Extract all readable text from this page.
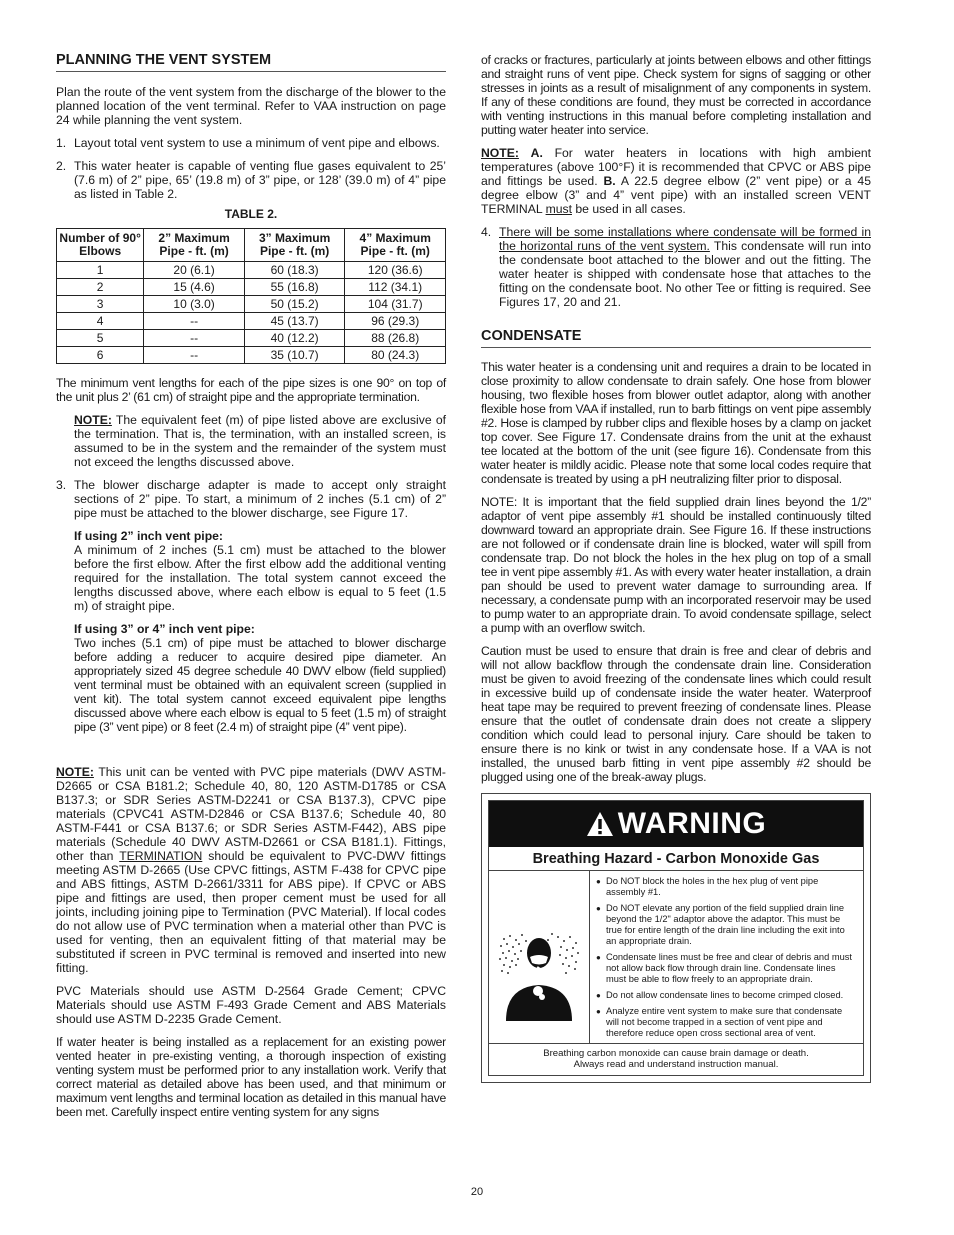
PLANNING THE VENT SYSTEM

Plan the route of the vent system from the discharge of the blower to the planned location of the vent terminal. Refer to VAA instruction on page 24 while planning the vent system.

1. Layout total vent system to use a minimum of vent pipe and elbows.
2. This water heater is capable of venting flue gases equivalent to 25’ (7.6 m) of 2” pipe, 65’ (19.8 m) of 3” pipe, or 128’ (39.0 m) of 4” pipe as listed in Table 2.
TABLE 2.
Number of 90° Elbows	2” Maximum Pipe - ft. (m)	3” Maximum Pipe - ft. (m)	4” Maximum Pipe - ft. (m)
1	20 (6.1)	60 (18.3)	120 (36.6)
2	15 (4.6)	55 (16.8)	112 (34.1)
3	10 (3.0)	50 (15.2)	104 (31.7)
4	--	45 (13.7)	96 (29.3)
5	--	40 (12.2)	88 (26.8)
6	--	35 (10.7)	80 (24.3)

The minimum vent lengths for each of the pipe sizes is one 90° on top of the unit plus 2’ (61 cm) of straight pipe and the appropriate termination.

NOTE: The equivalent feet (m) of pipe listed above are exclusive of the termination. That is, the termination, with an installed screen, is assumed to be in the system and the remainder of the system must not exceed the lengths discussed above.

3. The blower discharge adapter is made to accept only straight sections of 2” pipe. To start, a minimum of 2 inches (5.1 cm) of 2” pipe must be attached to the blower discharge, see Figure 17.

If using 2” inch vent pipe:

A minimum of 2 inches (5.1 cm) must be attached to the blower before the first elbow. After the first elbow add the additional venting required for the installation. The total system cannot exceed the lengths discussed above, where each elbow is equal to 5 feet (1.5 m) of straight pipe.

If using 3” or 4” inch vent pipe:

Two inches (5.1 cm) of pipe must be attached to blower discharge before adding a reducer to acquire desired pipe diameter. An appropriately sized 45 degree schedule 40 DWV elbow (field supplied) vent terminal must be obtained with an equivalent screen (supplied in vent kit). The total system cannot exceed equivalent pipe lengths discussed above where each elbow is equal to 5 feet (1.5 m) of straight pipe (3” vent pipe) or 8 feet (2.4 m) of straight pipe (4” vent pipe).

NOTE: This unit can be vented with PVC pipe materials (DWV ASTM-D2665 or CSA B181.2; Schedule 40, 80, 120 ASTM-D1785 or CSA B137.3; or SDR Series ASTM-D2241 or CSA B137.3), CPVC pipe materials (CPVC41 ASTM-D2846 or CSA B137.6; Schedule 40, 80 ASTM-F441 or CSA B137.6; or SDR Series ASTM-F442), ABS pipe materials (Schedule 40 DWV ASTM-D2661 or CSA B181.1). Fittings, other than TERMINATION should be equivalent to PVC-DWV fittings meeting ASTM D-2665 (Use CPVC fittings, ASTM F-438 for CPVC pipe and ABS fittings, ASTM D-2661/3311 for ABS pipe). If CPVC or ABS pipe and fittings are used, then proper cement must be used for all joints, including joining pipe to Termination (PVC Material). If local codes do not allow use of PVC termination when a material other than PVC is used for venting, then an equivalent fitting of that material may be substituted if screen in PVC terminal is removed and inserted into new fitting.

PVC Materials should use ASTM D-2564 Grade Cement; CPVC Materials should use ASTM F-493 Grade Cement and ABS Materials should use ASTM D-2235 Grade Cement.

If water heater is being installed as a replacement for an existing power vented heater in pre-existing venting, a thorough inspection of existing venting system must be performed prior to any installation work. Verify that correct material as detailed above has been used, and that minimum or maximum vent lengths and terminal location as detailed in this manual have been met. Carefully inspect entire venting system for any signs

of cracks or fractures, particularly at joints between elbows and other fittings and straight runs of vent pipe. Check system for signs of sagging or other stresses in joints as a result of misalignment of any components in system. If any of these conditions are found, they must be corrected in accordance with venting instructions in this manual before completing installation and putting water heater into service.

NOTE: A. For water heaters in locations with high ambient temperatures (above 100°F) it is recommended that CPVC or ABS pipe and fittings be used. B. A 22.5 degree elbow (2” vent pipe) or a 45 degree elbow (3” and 4” vent pipe) with an installed screen VENT TERMINAL must be used in all cases.

4. There will be some installations where condensate will be formed in the horizontal runs of the vent system. This condensate will run into the condensate boot attached to the blower and out the fitting. The water heater is shipped with condensate hose that attaches to the fitting on the condensate boot. No other Tee or fitting is required. See Figures 17, 20 and 21.
CONDENSATE

This water heater is a condensing unit and requires a drain to be located in close proximity to allow condensate to drain safely. One hose from blower housing, two flexible hoses from blower outlet adaptor, along with another flexible hose from VAA if installed, run to barb fittings on vent pipe assembly #2. Hose is clamped by rubber clips and flexible hoses by a clamp on jacket top cover. See Figure 17. Condensate drains from the unit at the exhaust tee located at the bottom of the unit (see figure 16). Condensate from this water heater is mildly acidic. Please note that some local codes require that condensate is treated by using a pH neutralizing filter prior to disposal.

NOTE: It is important that the field supplied drain lines beyond the 1/2” adaptor of vent pipe assembly #1 should be installed continuously tilted downward toward an appropriate drain. See Figure 16. If these instructions are not followed or if condensate drain line is blocked, water will spill from condensate trap. Do not block the holes in the hex plug on top of a small tee in vent pipe assembly #1. As with every water heater installation, a drain pan should be used to prevent water damage to surrounding area. If necessary, a condensate pump with an incorporated reservoir may be used to pump water to an appropriate drain. To avoid condensate spillage, select a pump with an overflow switch.

Caution must be used to ensure that drain is free and clear of debris and will not allow backflow through the condensate drain line. Consideration must be given to avoid freezing of the condensate lines which could result in excessive build up of condensate inside the water heater. Waterproof heat tape may be required to prevent freezing of condensate lines. Please ensure that the outlet of condensate drain does not create a slippery condition which could lead to personal injury. Care should be taken to ensure there is no kink or twist in any condensate hose. If a VAA is not installed, the unused barb fitting in vent pipe assembly #2 should be plugged using one of the break-away plugs.

WARNING
Breathing Hazard - Carbon Monoxide Gas
● Do NOT block the holes in the hex plug of vent pipe assembly #1.
● Do NOT elevate any portion of the field supplied drain line beyond the 1/2" adaptor above the adaptor. This must be true for entire length of the drain line including the exit into an appropriate drain.
● Condensate lines must be free and clear of debris and must not allow back flow through drain line. Condensate lines must be able to flow freely to an appropriate drain.
● Do not allow condensate lines to become crimped closed.
● Analyze entire vent system to make sure that condensate will not become trapped in a section of vent pipe and therefore reduce open cross sectional area of vent.
Breathing carbon monoxide can cause brain damage or death.
Always read and understand instruction manual.
20
